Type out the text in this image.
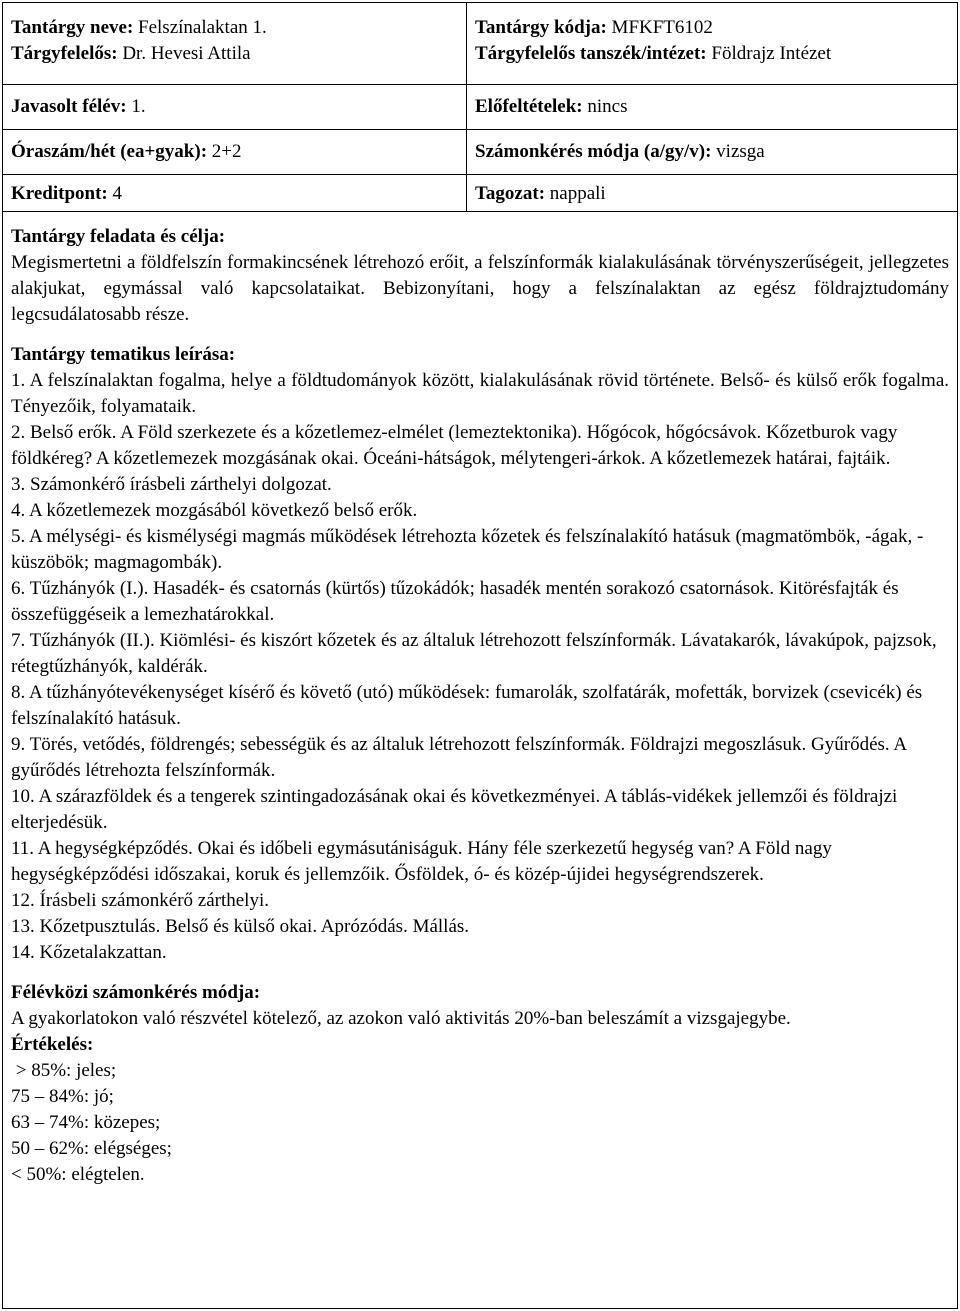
Tantárgy neve: Felszínalaktan 1.
Tárgyfelelős: Dr. Hevesi Attila
Javasolt félév: 1.
Óraszám/hét (ea+gyak): 2+2
Kreditpont: 4
Tantárgy kódja: MFKFT6102
Tárgyfelelős tanszék/intézet: Földrajz Intézet
Előfeltételek: nincs
Számonkérés módja (a/gy/v): vizsga
Tagozat: nappali
Tantárgy feladata és célja:
Megismertetni a földfelszín formakincsének létrehozó erőit, a felszínformák kialakulásának törvényszerűségeit, jellegzetes alakjukat, egymással való kapcsolataikat. Bebizonyítani, hogy a felszínalaktan az egész földrajztudomány legcsudálatosabb része.
Tantárgy tematikus leírása:
1. A felszínalaktan fogalma, helye a földtudományok között, kialakulásának rövid története. Belső- és külső erők fogalma. Tényezőik, folyamataik.
2. Belső erők. A Föld szerkezete és a kőzetlemez-elmélet (lemeztektonika). Hőgócok, hőgócsávok. Kőzetburok vagy földkéreg? A kőzetlemezek mozgásának okai. Óceáni-hátságok, mélytengeri-árkok. A kőzetlemezek határai, fajtáik.
3. Számonkérő írásbeli zárthelyi dolgozat.
4. A kőzetlemezek mozgásából következő belső erők.
5. A mélységi- és kismélységi magmás működések létrehozta kőzetek és felszínalakító hatásuk (magmatömbök, -ágak, -küszöbök; magmagombák).
6. Tűzhányók (I.). Hasadék- és csatornás (kürtős) tűzokádók; hasadék mentén sorakozó csatornások. Kitörésfajták és összefüggéseik a lemezhatárokkal.
7. Tűzhányók (II.). Kiömlési- és kiszórt kőzetek és az általuk létrehozott felszínformák. Lávatakarók, lávakúpok, pajzsok, rétegtűzhányók, kaldérák.
8. A tűzhányótevékenységet kísérő és követő (utó) működések: fumarolák, szolfatárák, mofetták, borvizek (csevicék) és felszínalakító hatásuk.
9. Törés, vetődés, földrengés; sebességük és az általuk létrehozott felszínformák. Földrajzi megoszlásuk. Gyűrődés. A gyűrődés létrehozta felszínformák.
10. A szárazföldek és a tengerek szintingadozásának okai és következményei. A táblás-vidékek jellemzői és földrajzi elterjedésük.
11. A hegységképződés. Okai és időbeli egymásutániságuk. Hány féle szerkezetű hegység van? A Föld nagy hegységképződési időszakai, koruk és jellemzőik. Ősföldek, ó- és közép-újidei hegységrendszerek.
12. Írásbeli számonkérő zárthelyi.
13. Kőzetpusztulás. Belső és külső okai. Aprózódás. Mállás.
14. Kőzetalakzattan.
Félévközi számonkérés módja:
A gyakorlatokon való részvétel kötelező, az azokon való aktivitás 20%-ban beleszámít a vizsgajegybe.
Értékelés:
> 85%: jeles;
75 – 84%: jó;
63 – 74%: közepes;
50 – 62%: elégséges;
< 50%: elégtelen.
